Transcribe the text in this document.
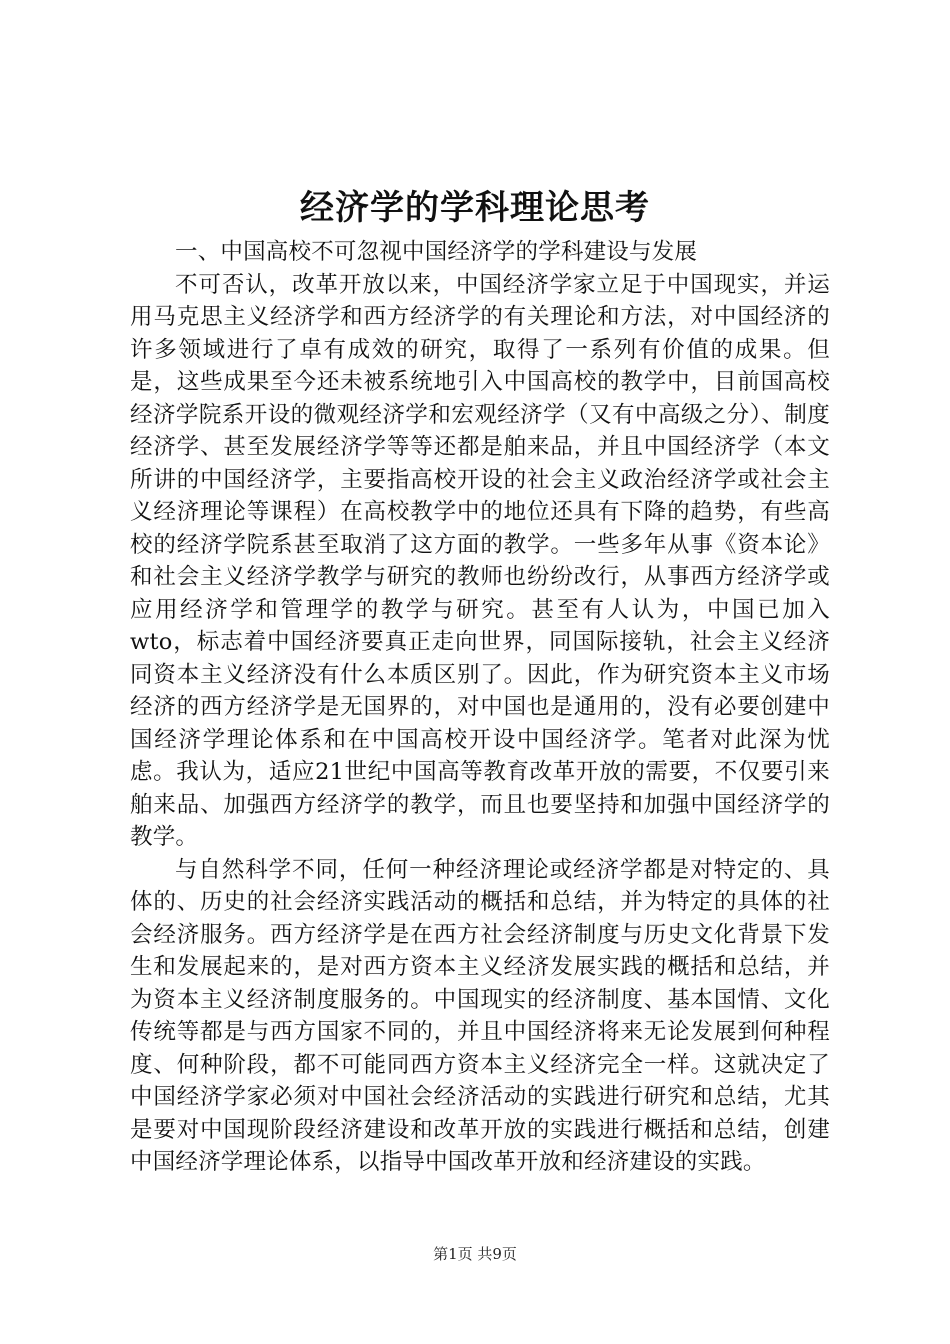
经济学的学科理论思考

一、中国高校不可忽视中国经济学的学科建设与发展

不可否认，改革开放以来，中国经济学家立足于中国现实，并运用马克思主义经济学和西方经济学的有关理论和方法，对中国经济的许多领域进行了卓有成效的研究，取得了一系列有价值的成果。但是，这些成果至今还未被系统地引入中国高校的教学中，目前国高校经济学院系开设的微观经济学和宏观经济学（又有中高级之分）、制度经济学、甚至发展经济学等等还都是舶来品，并且中国经济学（本文所讲的中国经济学，主要指高校开设的社会主义政治经济学或社会主义经济理论等课程）在高校教学中的地位还具有下降的趋势，有些高校的经济学院系甚至取消了这方面的教学。一些多年从事《资本论》和社会主义经济学教学与研究的教师也纷纷改行，从事西方经济学或应用经济学和管理学的教学与研究。甚至有人认为，中国已加入wto，标志着中国经济要真正走向世界，同国际接轨，社会主义经济同资本主义经济没有什么本质区别了。因此，作为研究资本主义市场经济的西方经济学是无国界的，对中国也是通用的，没有必要创建中国经济学理论体系和在中国高校开设中国经济学。笔者对此深为忧虑。我认为，适应21世纪中国高等教育改革开放的需要，不仅要引来舶来品、加强西方经济学的教学，而且也要坚持和加强中国经济学的教学。

与自然科学不同，任何一种经济理论或经济学都是对特定的、具体的、历史的社会经济实践活动的概括和总结，并为特定的具体的社会经济服务。西方经济学是在西方社会经济制度与历史文化背景下发生和发展起来的，是对西方资本主义经济发展实践的概括和总结，并为资本主义经济制度服务的。中国现实的经济制度、基本国情、文化传统等都是与西方国家不同的，并且中国经济将来无论发展到何种程度、何种阶段，都不可能同西方资本主义经济完全一样。这就决定了中国经济学家必须对中国社会经济活动的实践进行研究和总结，尤其是要对中国现阶段经济建设和改革开放的实践进行概括和总结，创建中国经济学理论体系，以指导中国改革开放和经济建设的实践。

第1页 共9页
